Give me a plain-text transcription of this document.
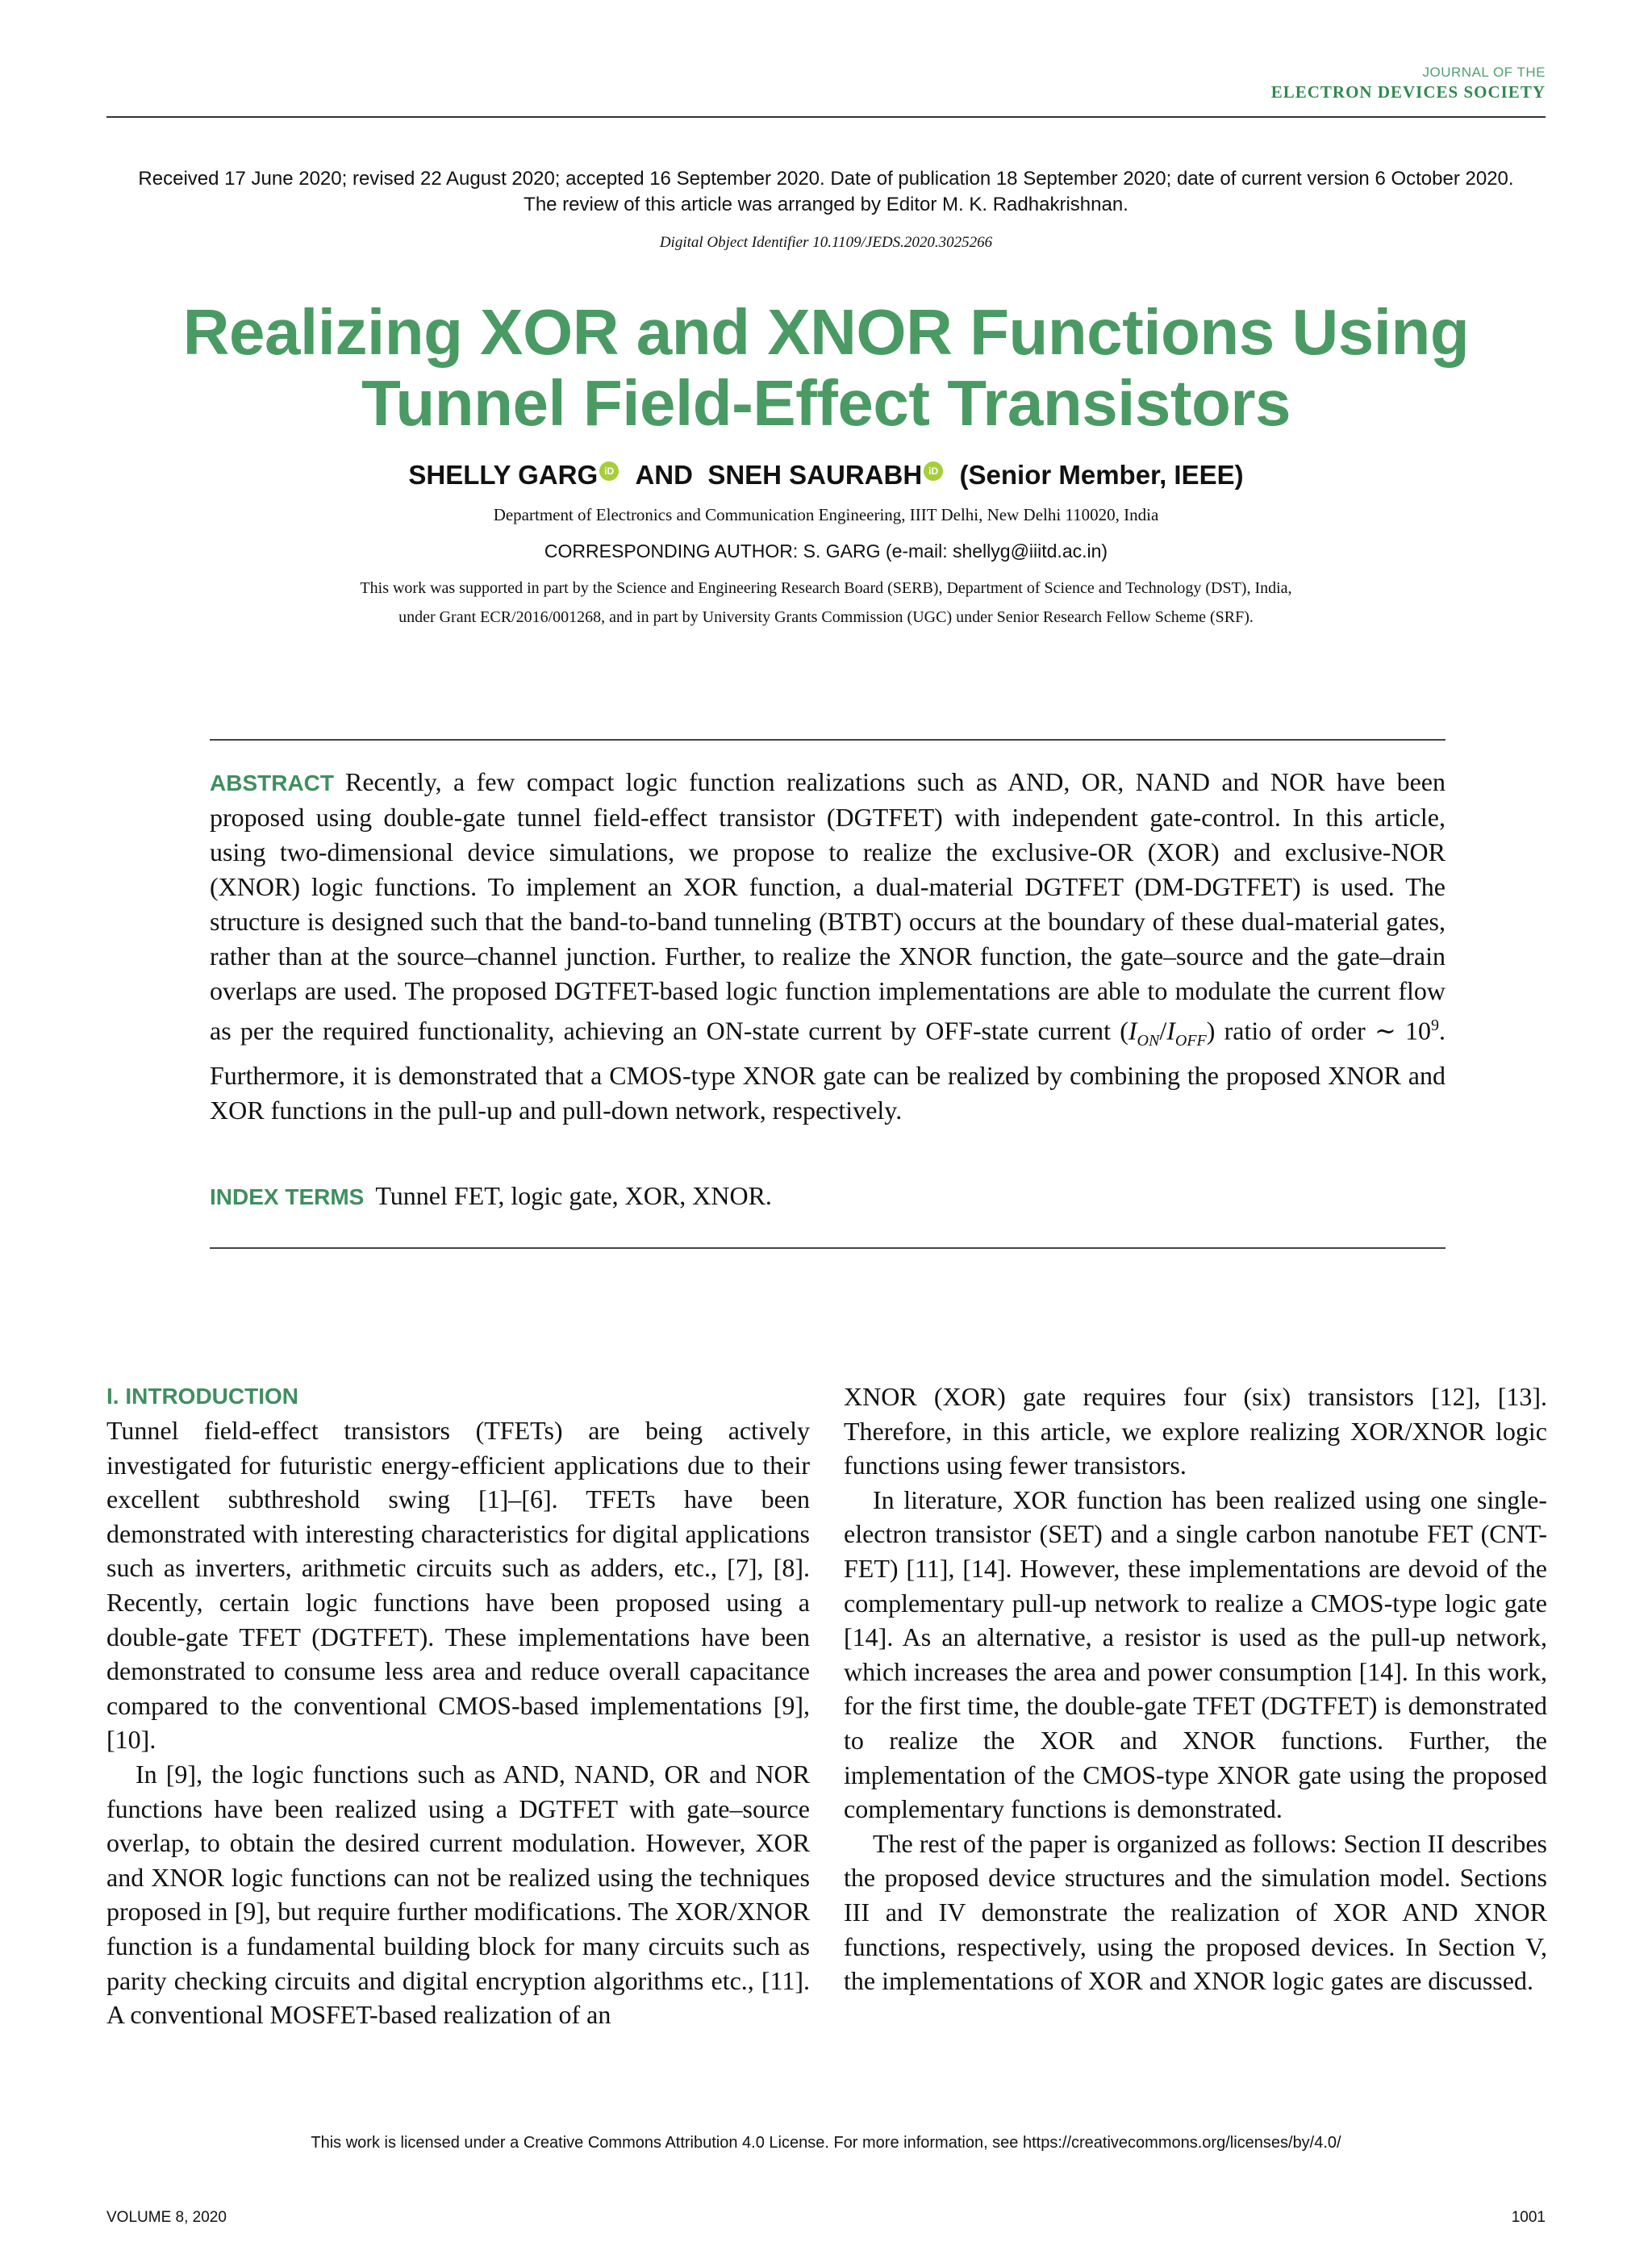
JOURNAL OF THE
ELECTRON DEVICES SOCIETY
Received 17 June 2020; revised 22 August 2020; accepted 16 September 2020. Date of publication 18 September 2020; date of current version 6 October 2020.
The review of this article was arranged by Editor M. K. Radhakrishnan.
Digital Object Identifier 10.1109/JEDS.2020.3025266
Realizing XOR and XNOR Functions Using
Tunnel Field-Effect Transistors
SHELLY GARG iD AND SNEH SAURABH iD (Senior Member, IEEE)
Department of Electronics and Communication Engineering, IIIT Delhi, New Delhi 110020, India
CORRESPONDING AUTHOR: S. GARG (e-mail: shellyg@iiitd.ac.in)
This work was supported in part by the Science and Engineering Research Board (SERB), Department of Science and Technology (DST), India,
under Grant ECR/2016/001268, and in part by University Grants Commission (UGC) under Senior Research Fellow Scheme (SRF).
ABSTRACT Recently, a few compact logic function realizations such as AND, OR, NAND and NOR have been proposed using double-gate tunnel field-effect transistor (DGTFET) with independent gate-control. In this article, using two-dimensional device simulations, we propose to realize the exclusive-OR (XOR) and exclusive-NOR (XNOR) logic functions. To implement an XOR function, a dual-material DGTFET (DM-DGTFET) is used. The structure is designed such that the band-to-band tunneling (BTBT) occurs at the boundary of these dual-material gates, rather than at the source–channel junction. Further, to realize the XNOR function, the gate–source and the gate–drain overlaps are used. The proposed DGTFET-based logic function implementations are able to modulate the current flow as per the required functionality, achieving an ON-state current by OFF-state current $(I_{ON}/I_{OFF})$ ratio of order ∼ $10^9$. Furthermore, it is demonstrated that a CMOS-type XNOR gate can be realized by combining the proposed XNOR and XOR functions in the pull-up and pull-down network, respectively.
INDEX TERMS Tunnel FET, logic gate, XOR, XNOR.
I. INTRODUCTION

Tunnel field-effect transistors (TFETs) are being actively investigated for futuristic energy-efficient applications due to their excellent subthreshold swing [1]–[6]. TFETs have been demonstrated with interesting characteristics for digital applications such as inverters, arithmetic circuits such as adders, etc., [7], [8]. Recently, certain logic functions have been proposed using a double-gate TFET (DGTFET). These implementations have been demonstrated to consume less area and reduce overall capacitance compared to the conventional CMOS-based implementations [9], [10].

In [9], the logic functions such as AND, NAND, OR and NOR functions have been realized using a DGTFET with gate–source overlap, to obtain the desired current modulation. However, XOR and XNOR logic functions can not be realized using the techniques proposed in [9], but require further modifications. The XOR/XNOR function is a fundamental building block for many circuits such as parity checking circuits and digital encryption algorithms etc., [11]. A conventional MOSFET-based realization of an

XNOR (XOR) gate requires four (six) transistors [12], [13]. Therefore, in this article, we explore realizing XOR/XNOR logic functions using fewer transistors.

In literature, XOR function has been realized using one single-electron transistor (SET) and a single carbon nanotube FET (CNT-FET) [11], [14]. However, these implementations are devoid of the complementary pull-up network to realize a CMOS-type logic gate [14]. As an alternative, a resistor is used as the pull-up network, which increases the area and power consumption [14]. In this work, for the first time, the double-gate TFET (DGTFET) is demonstrated to realize the XOR and XNOR functions. Further, the implementation of the CMOS-type XNOR gate using the proposed complementary functions is demonstrated.

The rest of the paper is organized as follows: Section II describes the proposed device structures and the simulation model. Sections III and IV demonstrate the realization of XOR AND XNOR functions, respectively, using the proposed devices. In Section V, the implementations of XOR and XNOR logic gates are discussed.

This work is licensed under a Creative Commons Attribution 4.0 License. For more information, see https://creativecommons.org/licenses/by/4.0/
VOLUME 8, 2020	1001
